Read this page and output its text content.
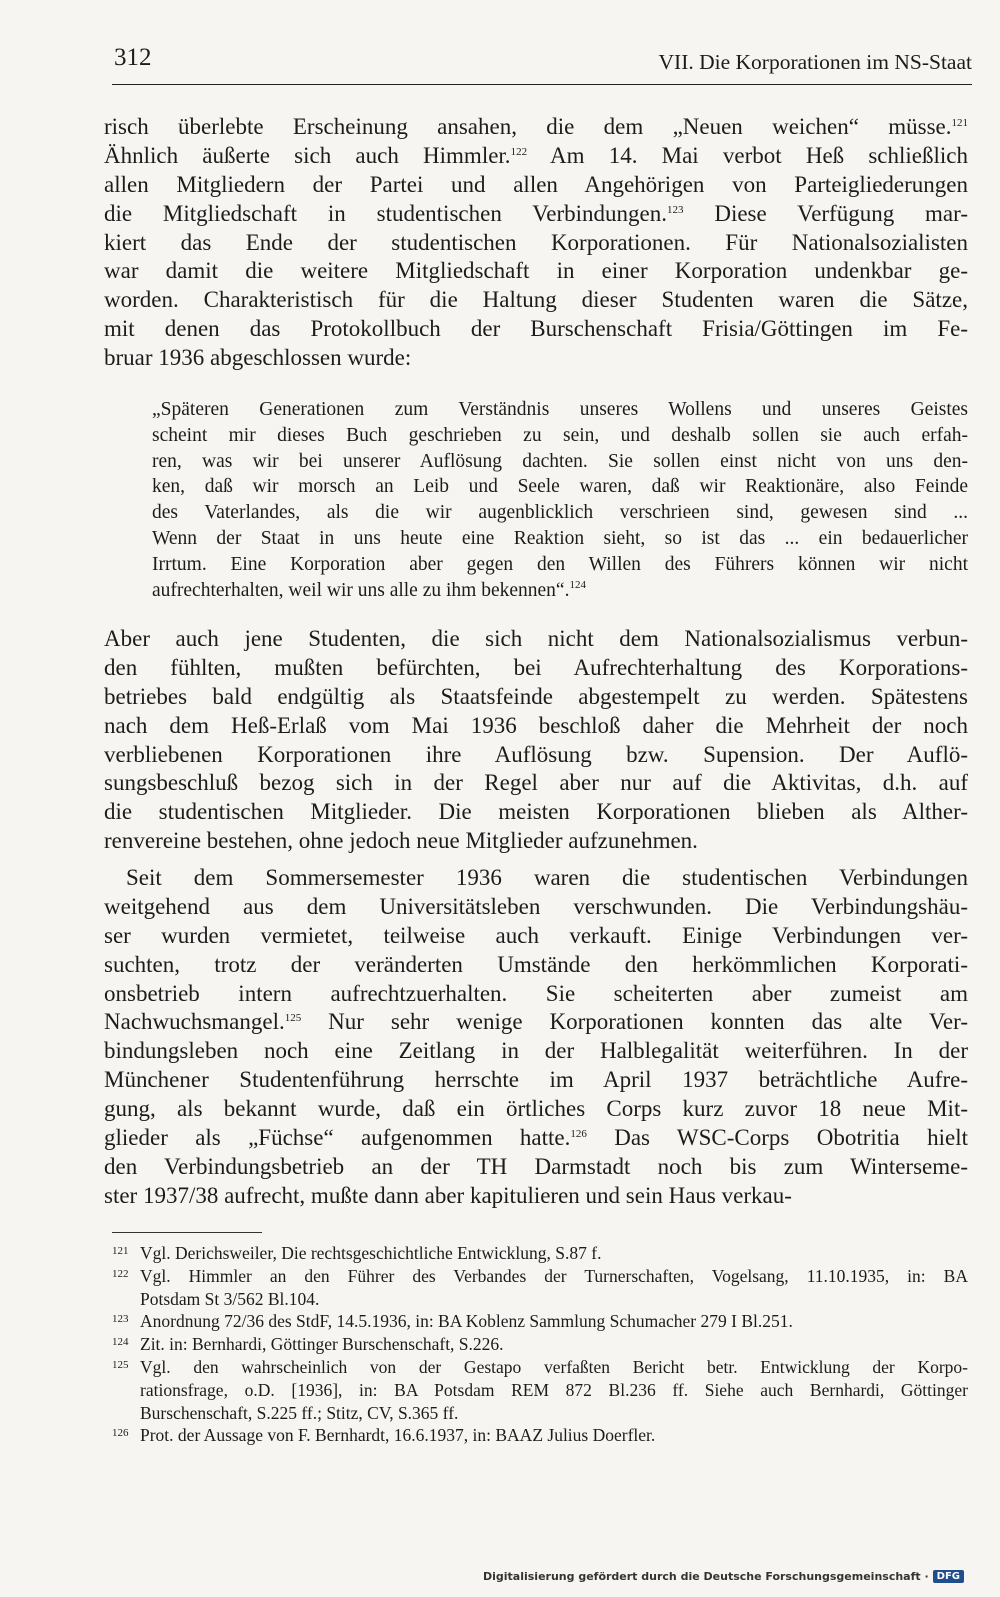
312	VII. Die Korporationen im NS-Staat
risch überlebte Erscheinung ansahen, die dem „Neuen weichen“ müsse.$^{121}$
Ähnlich äußerte sich auch Himmler.$^{122}$ Am 14. Mai verbot Heß schließlich
allen Mitgliedern der Partei und allen Angehörigen von Parteigliederungen
die Mitgliedschaft in studentischen Verbindungen.$^{123}$ Diese Verfügung mar-
kiert das Ende der studentischen Korporationen. Für Nationalsozialisten
war damit die weitere Mitgliedschaft in einer Korporation undenkbar ge-
worden. Charakteristisch für die Haltung dieser Studenten waren die Sätze,
mit denen das Protokollbuch der Burschenschaft Frisia/Göttingen im Fe-
bruar 1936 abgeschlossen wurde:
„Späteren Generationen zum Verständnis unseres Wollens und unseres Geistes
scheint mir dieses Buch geschrieben zu sein, und deshalb sollen sie auch erfah-
ren, was wir bei unserer Auflösung dachten. Sie sollen einst nicht von uns den-
ken, daß wir morsch an Leib und Seele waren, daß wir Reaktionäre, also Feinde
des Vaterlandes, als die wir augenblicklich verschrieen sind, gewesen sind ...
Wenn der Staat in uns heute eine Reaktion sieht, so ist das ... ein bedauerlicher
Irrtum. Eine Korporation aber gegen den Willen des Führers können wir nicht
aufrechterhalten, weil wir uns alle zu ihm bekennen“.$^{124}$
Aber auch jene Studenten, die sich nicht dem Nationalsozialismus verbun-
den fühlten, mußten befürchten, bei Aufrechterhaltung des Korporations-
betriebes bald endgültig als Staatsfeinde abgestempelt zu werden. Spätestens
nach dem Heß-Erlaß vom Mai 1936 beschloß daher die Mehrheit der noch
verbliebenen Korporationen ihre Auflösung bzw. Supension. Der Auflö-
sungsbeschluß bezog sich in der Regel aber nur auf die Aktivitas, d.h. auf
die studentischen Mitglieder. Die meisten Korporationen blieben als Alther-
renvereine bestehen, ohne jedoch neue Mitglieder aufzunehmen.
Seit dem Sommersemester 1936 waren die studentischen Verbindungen
weitgehend aus dem Universitätsleben verschwunden. Die Verbindungshäu-
ser wurden vermietet, teilweise auch verkauft. Einige Verbindungen ver-
suchten, trotz der veränderten Umstände den herkömmlichen Korporati-
onsbetrieb intern aufrechtzuerhalten. Sie scheiterten aber zumeist am
Nachwuchsmangel.$^{125}$ Nur sehr wenige Korporationen konnten das alte Ver-
bindungsleben noch eine Zeitlang in der Halblegalität weiterführen. In der
Münchener Studentenführung herrschte im April 1937 beträchtliche Aufre-
gung, als bekannt wurde, daß ein örtliches Corps kurz zuvor 18 neue Mit-
glieder als „Füchse“ aufgenommen hatte.$^{126}$ Das WSC-Corps Obotritia hielt
den Verbindungsbetrieb an der TH Darmstadt noch bis zum Winterseme-
ster 1937/38 aufrecht, mußte dann aber kapitulieren und sein Haus verkau-
121 Vgl. Derichsweiler, Die rechtsgeschichtliche Entwicklung, S.87 f.
122 Vgl. Himmler an den Führer des Verbandes der Turnerschaften, Vogelsang, 11.10.1935, in: BA
Potsdam St 3/562 Bl.104.
123 Anordnung 72/36 des StdF, 14.5.1936, in: BA Koblenz Sammlung Schumacher 279 I Bl.251.
124 Zit. in: Bernhardi, Göttinger Burschenschaft, S.226.
125 Vgl. den wahrscheinlich von der Gestapo verfaßten Bericht betr. Entwicklung der Korpo-
rationsfrage, o.D. [1936], in: BA Potsdam REM 872 Bl.236 ff. Siehe auch Bernhardi, Göttinger
Burschenschaft, S.225 ff.; Stitz, CV, S.365 ff.
126 Prot. der Aussage von F. Bernhardt, 16.6.1937, in: BAAZ Julius Doerfler.
Digitalisierung gefördert durch die Deutsche Forschungsgemeinschaft · DFG
